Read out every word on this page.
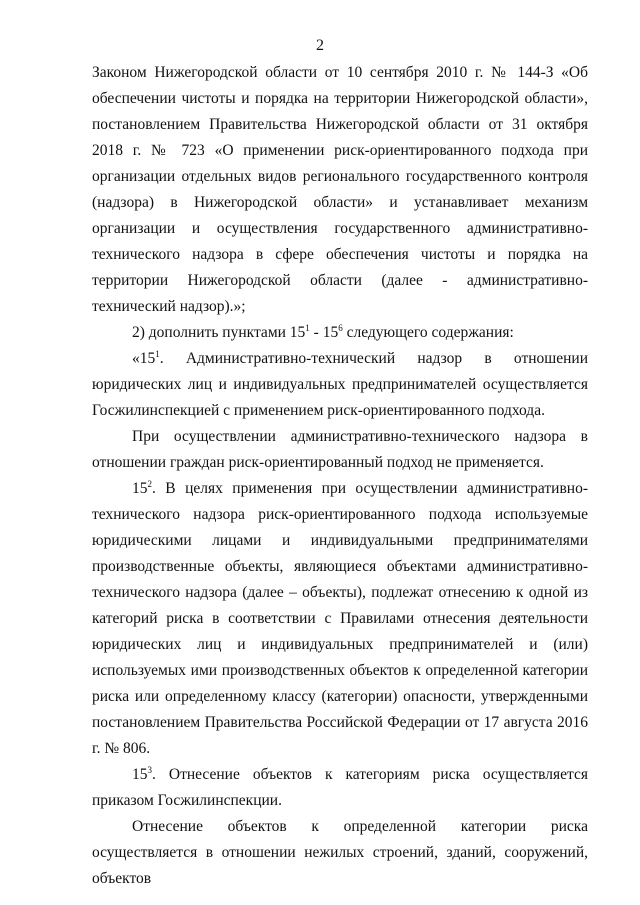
2

Законом Нижегородской области от 10 сентября 2010 г. № 144-З «Об обеспечении чистоты и порядка на территории Нижегородской области», постановлением Правительства Нижегородской области от 31 октября 2018 г. № 723 «О применении риск-ориентированного подхода при организации отдельных видов регионального государственного контроля (надзора) в Нижегородской области» и устанавливает механизм организации и осуществления государственного административно-технического надзора в сфере обеспечения чистоты и порядка на территории Нижегородской области (далее - административно-технический надзор).»;

2) дополнить пунктами $15^1 - 15^6$ следующего содержания:

«$15^1$. Административно-технический надзор в отношении юридических лиц и индивидуальных предпринимателей осуществляется Госжилинспекцией с применением риск-ориентированного подхода.

При осуществлении административно-технического надзора в отношении граждан риск-ориентированный подход не применяется.

$15^2$. В целях применения при осуществлении административно-технического надзора риск-ориентированного подхода используемые юридическими лицами и индивидуальными предпринимателями производственные объекты, являющиеся объектами административно-технического надзора (далее – объекты), подлежат отнесению к одной из категорий риска в соответствии с Правилами отнесения деятельности юридических лиц и индивидуальных предпринимателей и (или) используемых ими производственных объектов к определенной категории риска или определенному классу (категории) опасности, утвержденными постановлением Правительства Российской Федерации от 17 августа 2016 г. № 806.

$15^3$. Отнесение объектов к категориям риска осуществляется приказом Госжилинспекции.

Отнесение объектов к определенной категории риска осуществляется в отношении нежилых строений, зданий, сооружений, объектов
